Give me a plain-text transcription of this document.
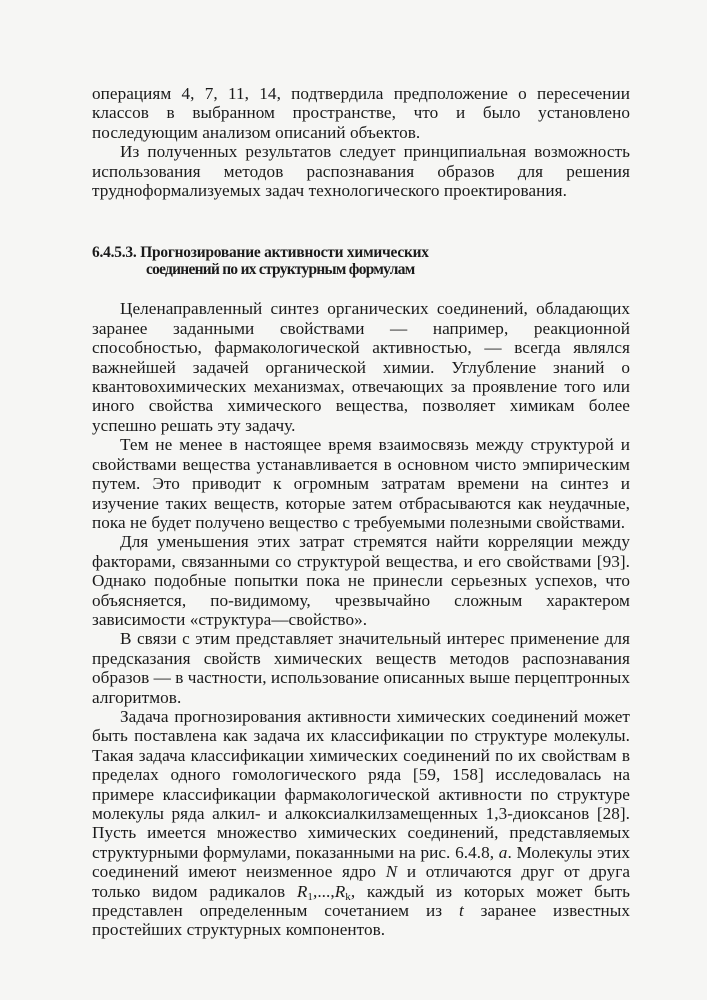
операциям 4, 7, 11, 14, подтвердила предположение о пересечении классов в выбранном пространстве, что и было установлено последующим анализом описаний объектов.

Из полученных результатов следует принципиальная возможность использования методов распознавания образов для решения трудноформализуемых задач технологического проектирования.

6.4.5.3. Прогнозирование активности химических
соединений по их структурным формулам

Целенаправленный синтез органических соединений, обладающих заранее заданными свойствами — например, реакционной способностью, фармакологической активностью, — всегда являлся важнейшей задачей органической химии. Углубление знаний о квантовохимических механизмах, отвечающих за проявление того или иного свойства химического вещества, позволяет химикам более успешно решать эту задачу.

Тем не менее в настоящее время взаимосвязь между структурой и свойствами вещества устанавливается в основном чисто эмпирическим путем. Это приводит к огромным затратам времени на синтез и изучение таких веществ, которые затем отбрасываются как неудачные, пока не будет получено вещество с требуемыми полезными свойствами.

Для уменьшения этих затрат стремятся найти корреляции между факторами, связанными со структурой вещества, и его свойствами [93]. Однако подобные попытки пока не принесли серьезных успехов, что объясняется, по-видимому, чрезвычайно сложным характером зависимости «структура—свойство».

В связи с этим представляет значительный интерес применение для предсказания свойств химических веществ методов распознавания образов — в частности, использование описанных выше перцептронных алгоритмов.

Задача прогнозирования активности химических соединений может быть поставлена как задача их классификации по структуре молекулы. Такая задача классификации химических соединений по их свойствам в пределах одного гомологического ряда [59, 158] исследовалась на примере классификации фармакологической активности по структуре молекулы ряда алкил- и алкоксиалкилзамещенных 1,3-диоксанов [28]. Пусть имеется множество химических соединений, представляемых структурными формулами, показанными на рис. 6.4.8, а. Молекулы этих соединений имеют неизменное ядро N и отличаются друг от друга только видом радикалов $R_1,...,R_k$, каждый из которых может быть представлен определенным сочетанием из t заранее известных простейших структурных компонентов.
